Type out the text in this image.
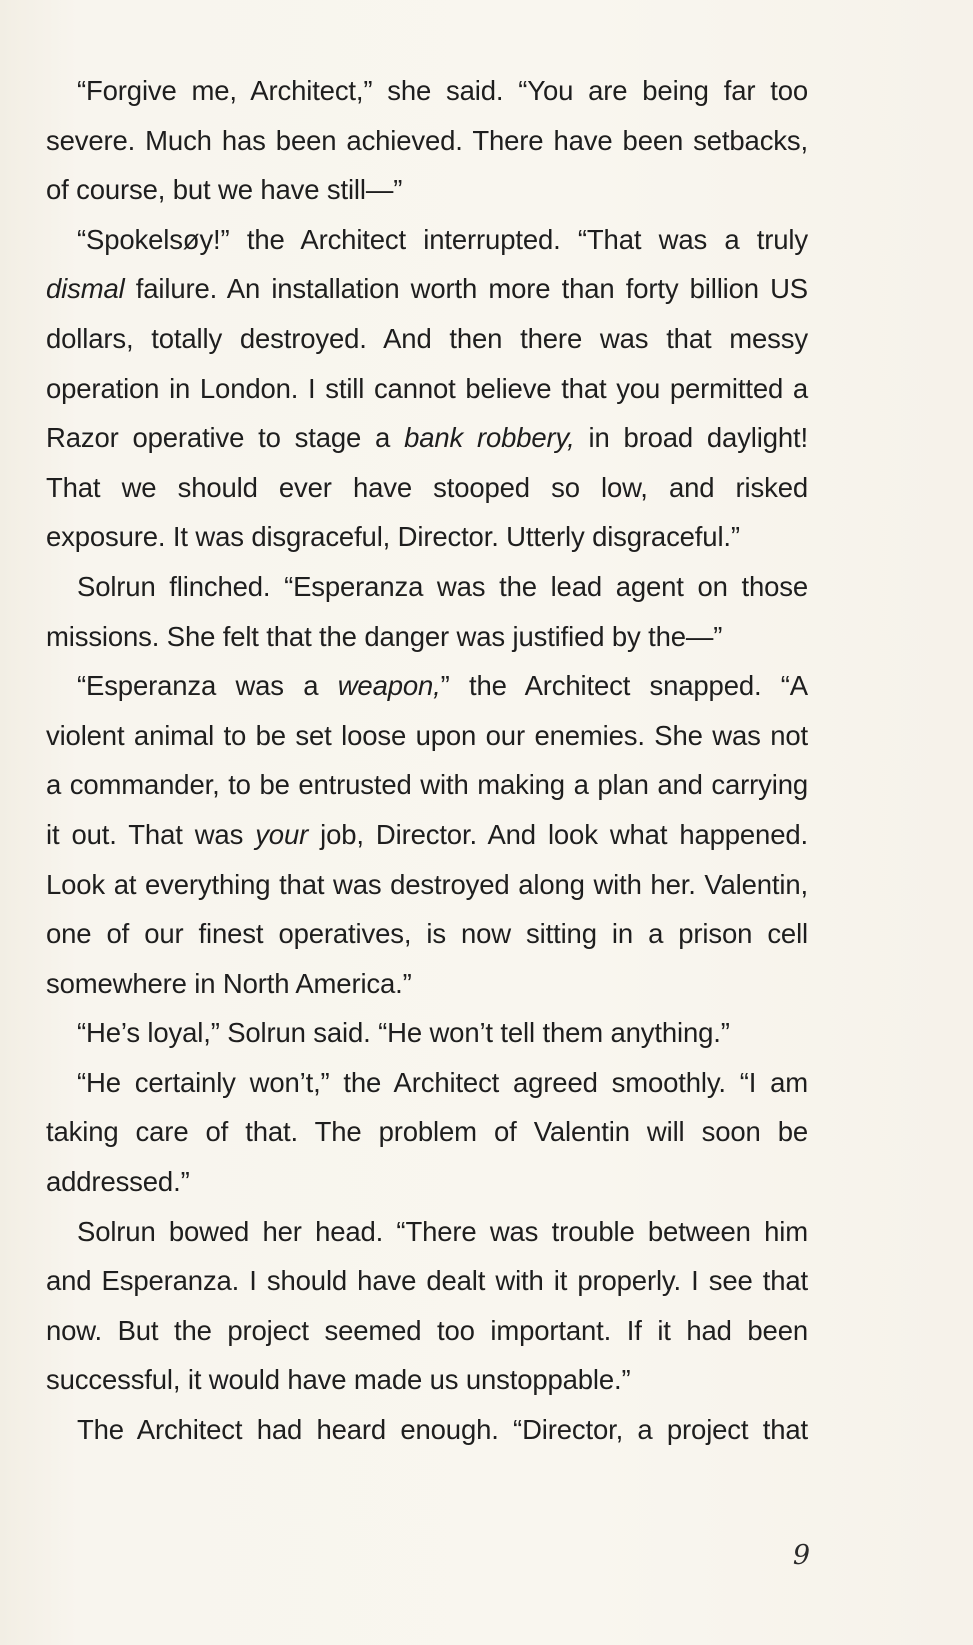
“Forgive me, Architect,” she said. “You are being far too severe. Much has been achieved. There have been setbacks, of course, but we have still—”

“Spokelsøy!” the Architect interrupted. “That was a truly dismal failure. An installation worth more than forty billion US dollars, totally destroyed. And then there was that messy operation in London. I still cannot believe that you permitted a Razor operative to stage a bank robbery, in broad daylight! That we should ever have stooped so low, and risked exposure. It was disgraceful, Director. Utterly disgraceful.”

Solrun flinched. “Esperanza was the lead agent on those missions. She felt that the danger was justified by the—”

“Esperanza was a weapon,” the Architect snapped. “A violent animal to be set loose upon our enemies. She was not a commander, to be entrusted with making a plan and carrying it out. That was your job, Director. And look what happened. Look at everything that was destroyed along with her. Valentin, one of our finest operatives, is now sitting in a prison cell somewhere in North America.”

“He’s loyal,” Solrun said. “He won’t tell them anything.”

“He certainly won’t,” the Architect agreed smoothly. “I am taking care of that. The problem of Valentin will soon be addressed.”

Solrun bowed her head. “There was trouble between him and Esperanza. I should have dealt with it properly. I see that now. But the project seemed too important. If it had been successful, it would have made us unstoppable.”

The Architect had heard enough. “Director, a project that

9
